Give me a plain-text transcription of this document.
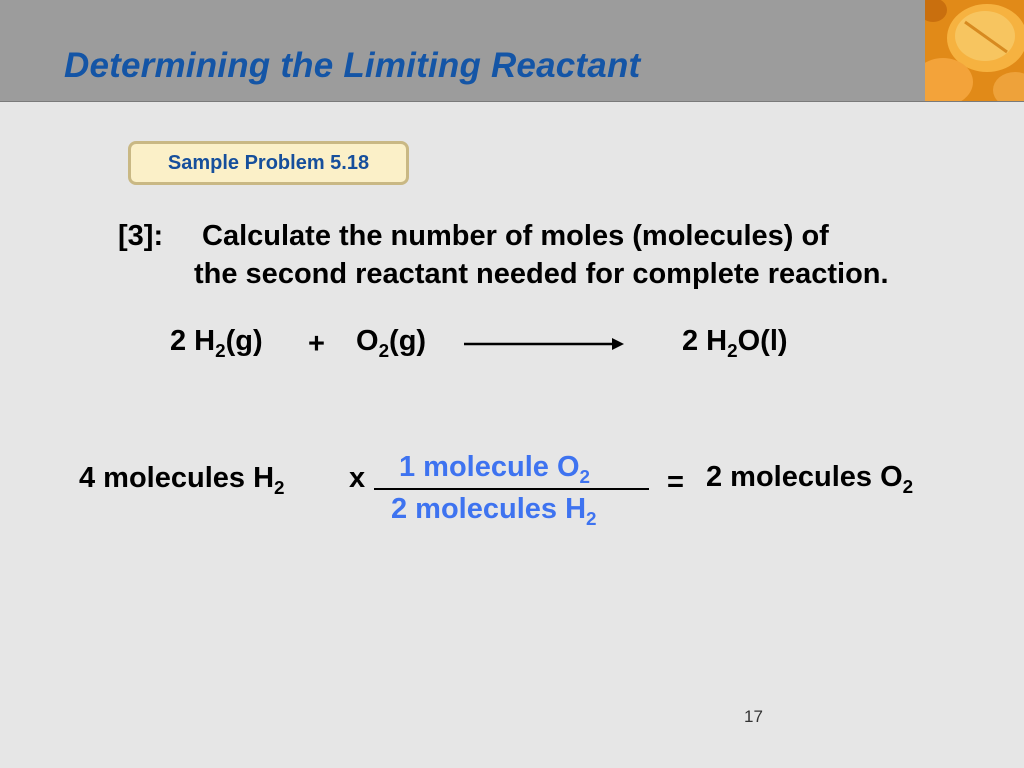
Determining the Limiting Reactant
Sample Problem 5.18
[3]: Calculate the number of moles (molecules) of
the second reactant needed for complete reaction.
2 $H_2(g) + O_2(g)$	2 $H_2O(l)$
4 molecules $H_2$ x 1 molecule $O_2$
2 molecules $H_2$
= 2 molecules $O_2$
17
